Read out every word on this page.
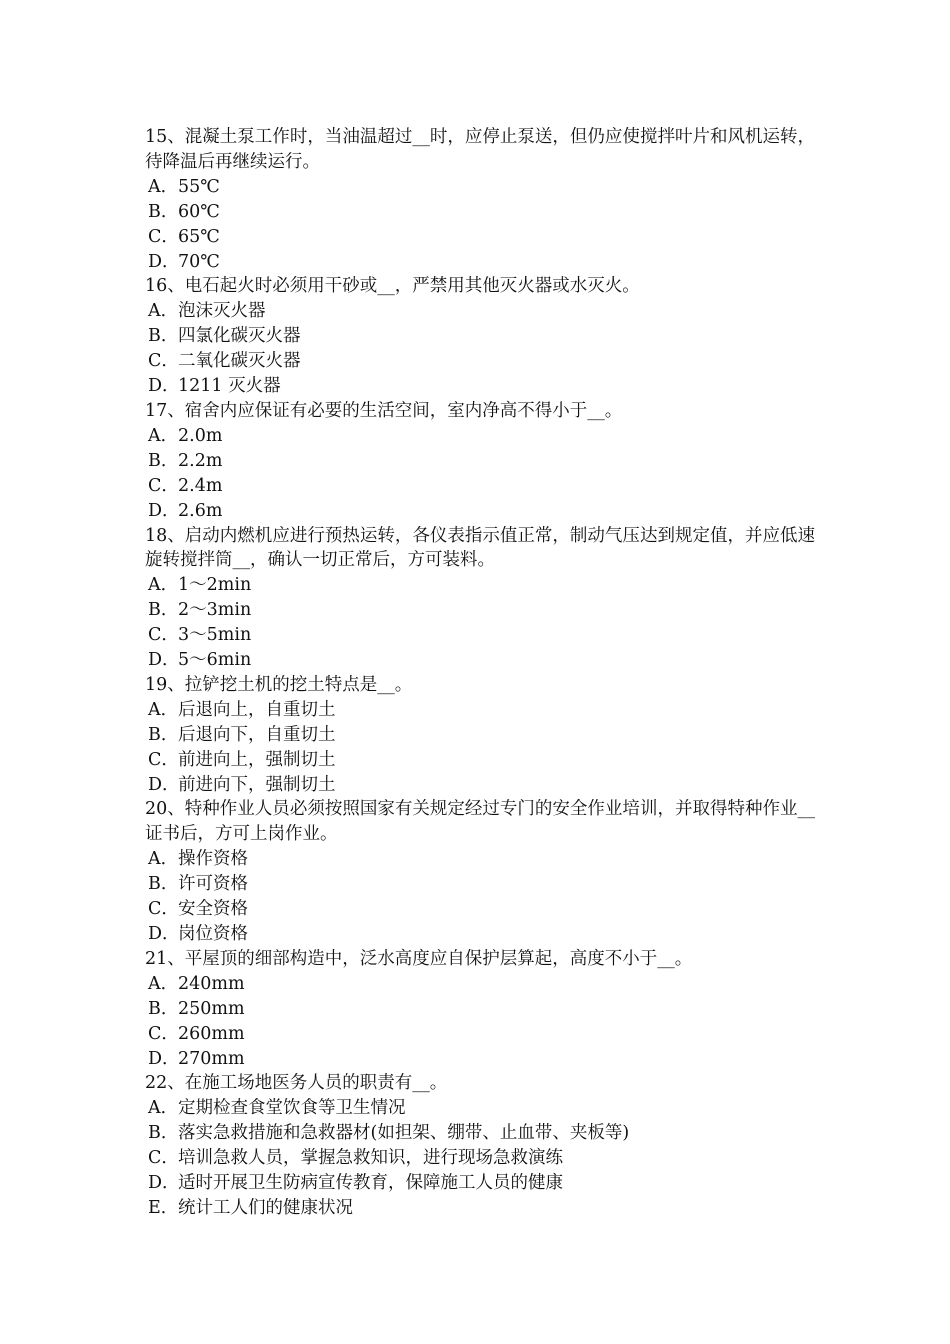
15、混凝土泵工作时，当油温超过__时，应停止泵送，但仍应使搅拌叶片和风机运转，待降温后再继续运行。

A．55℃
B．60℃
C．65℃
D．70℃

16、电石起火时必须用干砂或__，严禁用其他灭火器或水灭火。

A．泡沫灭火器
B．四氯化碳灭火器
C．二氧化碳灭火器
D．1211 灭火器

17、宿舍内应保证有必要的生活空间，室内净高不得小于__。

A．2.0m
B．2.2m
C．2.4m
D．2.6m

18、启动内燃机应进行预热运转，各仪表指示值正常，制动气压达到规定值，并应低速旋转搅拌筒__，确认一切正常后，方可装料。

A．1～2min
B．2～3min
C．3～5min
D．5～6min

19、拉铲挖土机的挖土特点是__。

A．后退向上，自重切土
B．后退向下，自重切土
C．前进向上，强制切土
D．前进向下，强制切土

20、特种作业人员必须按照国家有关规定经过专门的安全作业培训，并取得特种作业__证书后，方可上岗作业。

A．操作资格
B．许可资格
C．安全资格
D．岗位资格

21、平屋顶的细部构造中，泛水高度应自保护层算起，高度不小于__。

A．240mm
B．250mm
C．260mm
D．270mm

22、在施工场地医务人员的职责有__。

A．定期检查食堂饮食等卫生情况
B．落实急救措施和急救器材(如担架、绷带、止血带、夹板等)
C．培训急救人员，掌握急救知识，进行现场急救演练
D．适时开展卫生防病宣传教育，保障施工人员的健康
E．统计工人们的健康状况
